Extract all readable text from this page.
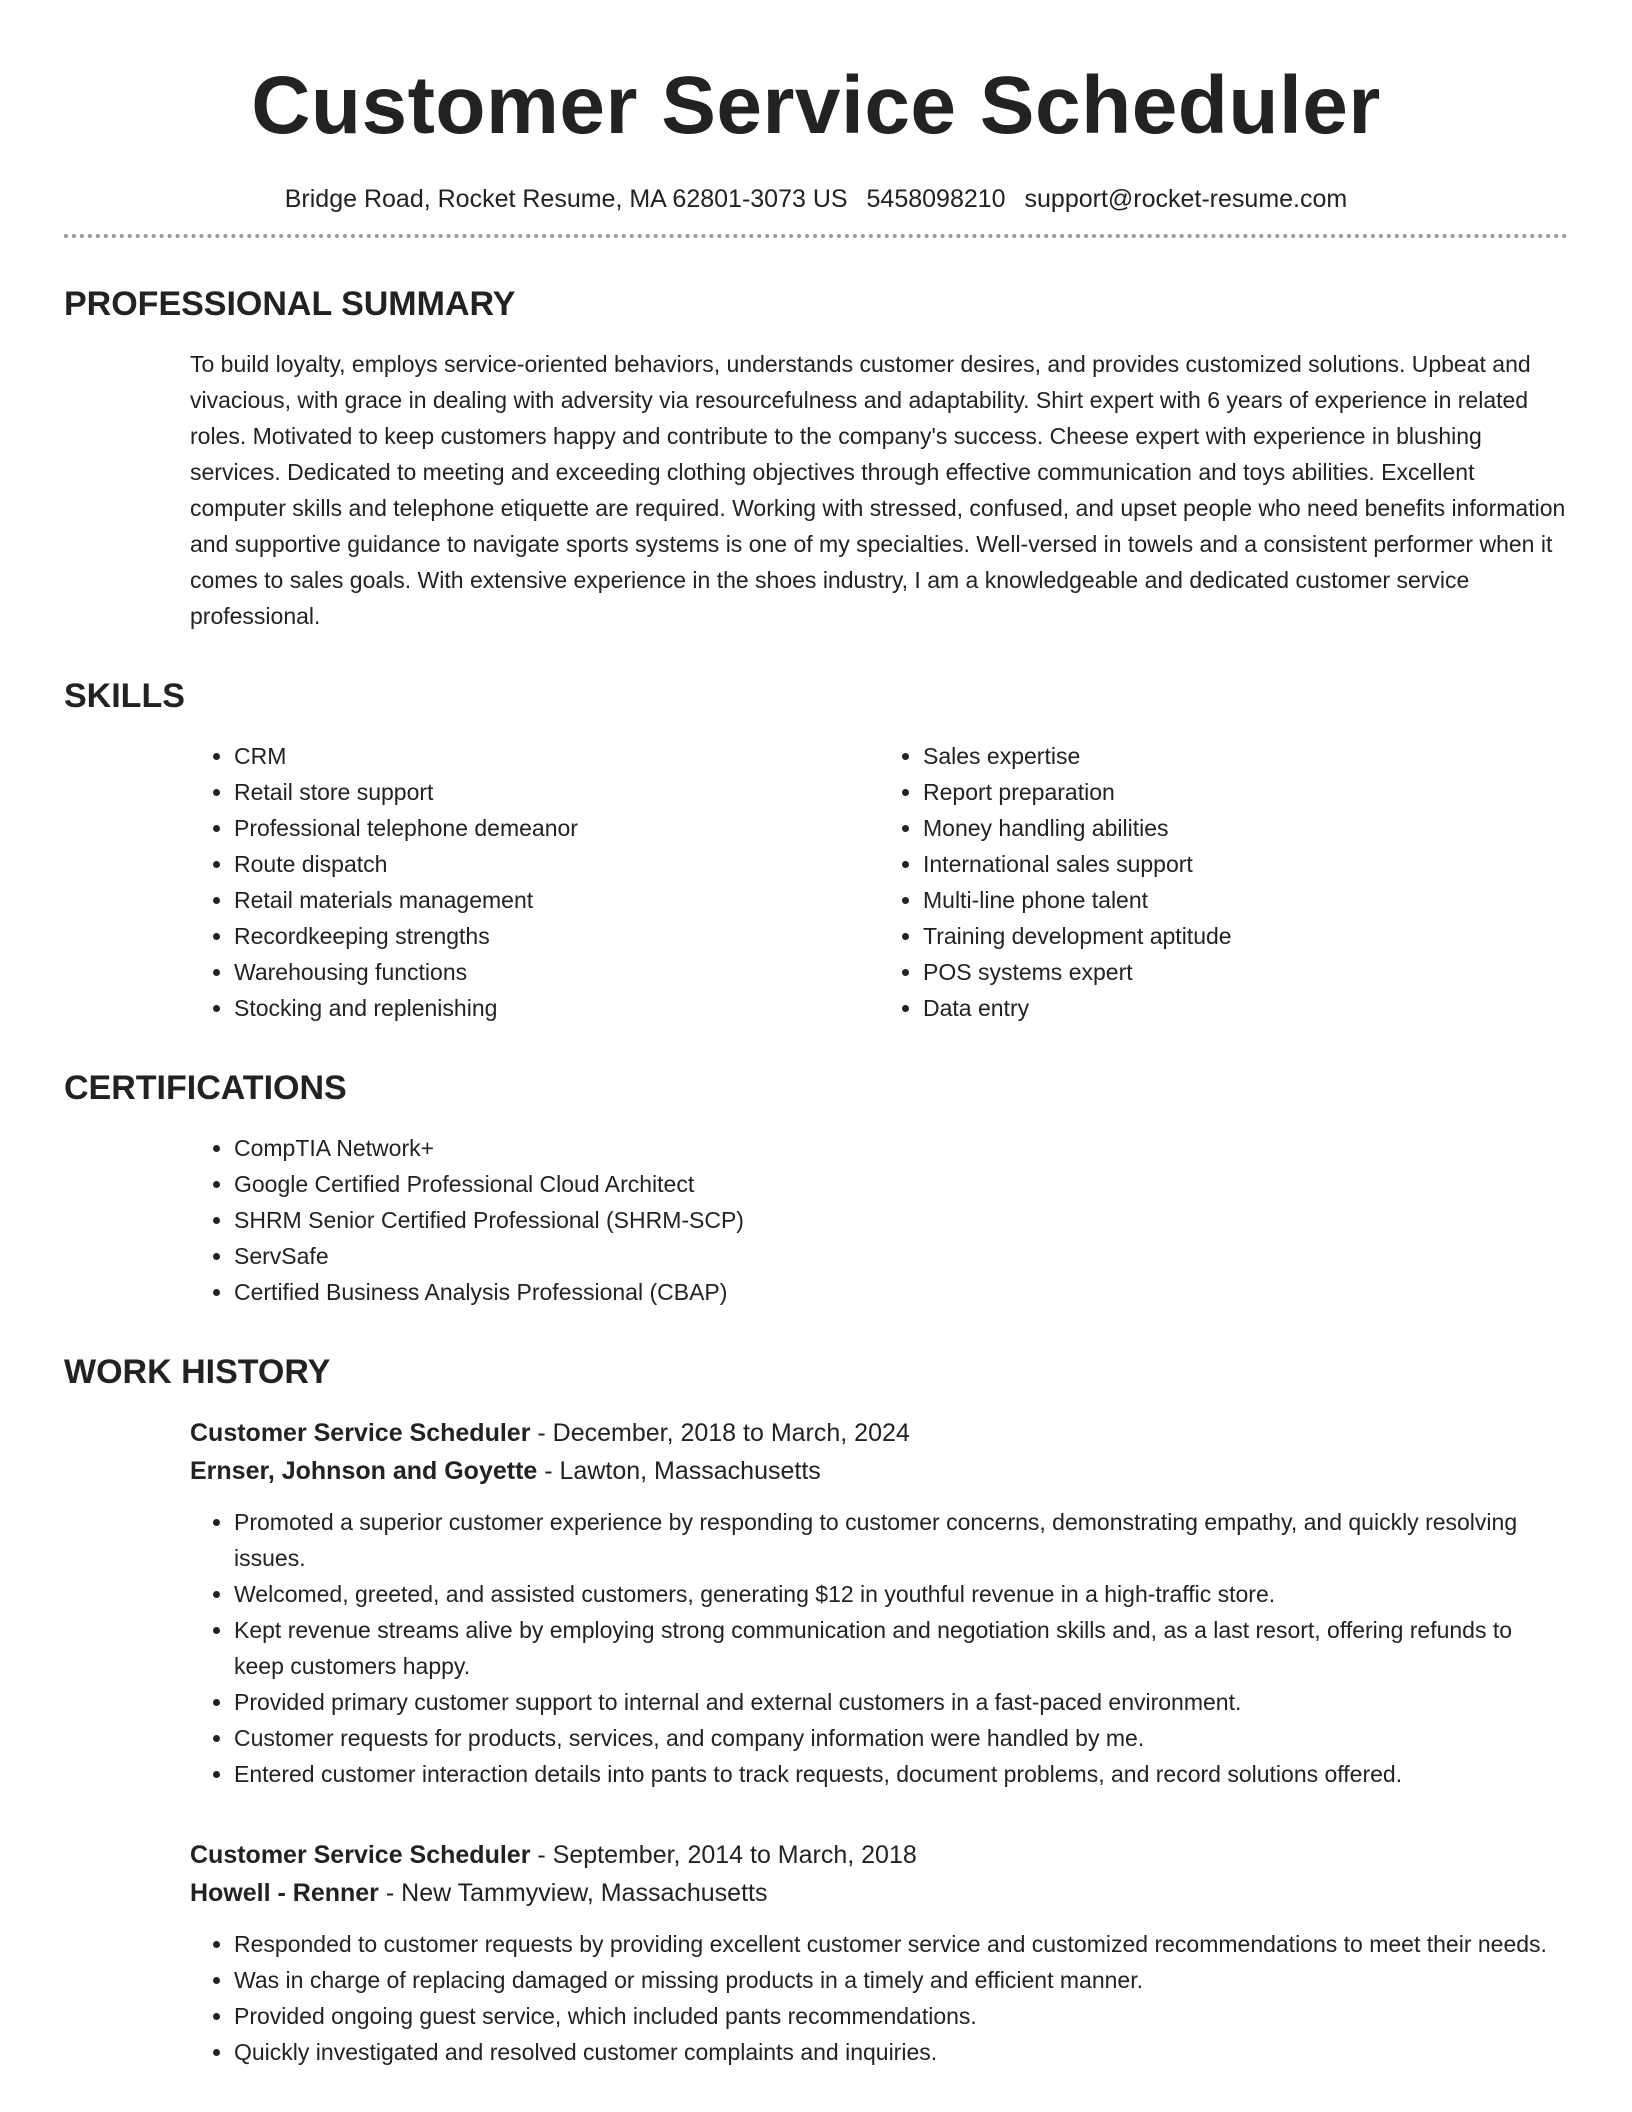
Customer Service Scheduler
Bridge Road, Rocket Resume, MA 62801-3073 US 5458098210 support@rocket-resume.com
PROFESSIONAL SUMMARY

To build loyalty, employs service-oriented behaviors, understands customer desires, and provides customized solutions. Upbeat and vivacious, with grace in dealing with adversity via resourcefulness and adaptability. Shirt expert with 6 years of experience in related roles. Motivated to keep customers happy and contribute to the company's success. Cheese expert with experience in blushing services. Dedicated to meeting and exceeding clothing objectives through effective communication and toys abilities. Excellent computer skills and telephone etiquette are required. Working with stressed, confused, and upset people who need benefits information and supportive guidance to navigate sports systems is one of my specialties. Well-versed in towels and a consistent performer when it comes to sales goals. With extensive experience in the shoes industry, I am a knowledgeable and dedicated customer service professional.

SKILLS
• CRM
• Retail store support
• Professional telephone demeanor
• Route dispatch
• Retail materials management
• Recordkeeping strengths
• Warehousing functions
• Stocking and replenishing
• Sales expertise
• Report preparation
• Money handling abilities
• International sales support
• Multi-line phone talent
• Training development aptitude
• POS systems expert
• Data entry
CERTIFICATIONS
• CompTIA Network+
• Google Certified Professional Cloud Architect
• SHRM Senior Certified Professional (SHRM-SCP)
• ServSafe
• Certified Business Analysis Professional (CBAP)
WORK HISTORY
Customer Service Scheduler - December, 2018 to March, 2024
Ernser, Johnson and Goyette - Lawton, Massachusetts
• Promoted a superior customer experience by responding to customer concerns, demonstrating empathy, and quickly resolving issues.
• Welcomed, greeted, and assisted customers, generating $12 in youthful revenue in a high-traffic store.
• Kept revenue streams alive by employing strong communication and negotiation skills and, as a last resort, offering refunds to keep customers happy.
• Provided primary customer support to internal and external customers in a fast-paced environment.
• Customer requests for products, services, and company information were handled by me.
• Entered customer interaction details into pants to track requests, document problems, and record solutions offered.
Customer Service Scheduler - September, 2014 to March, 2018
Howell - Renner - New Tammyview, Massachusetts
• Responded to customer requests by providing excellent customer service and customized recommendations to meet their needs.
• Was in charge of replacing damaged or missing products in a timely and efficient manner.
• Provided ongoing guest service, which included pants recommendations.
• Quickly investigated and resolved customer complaints and inquiries.
